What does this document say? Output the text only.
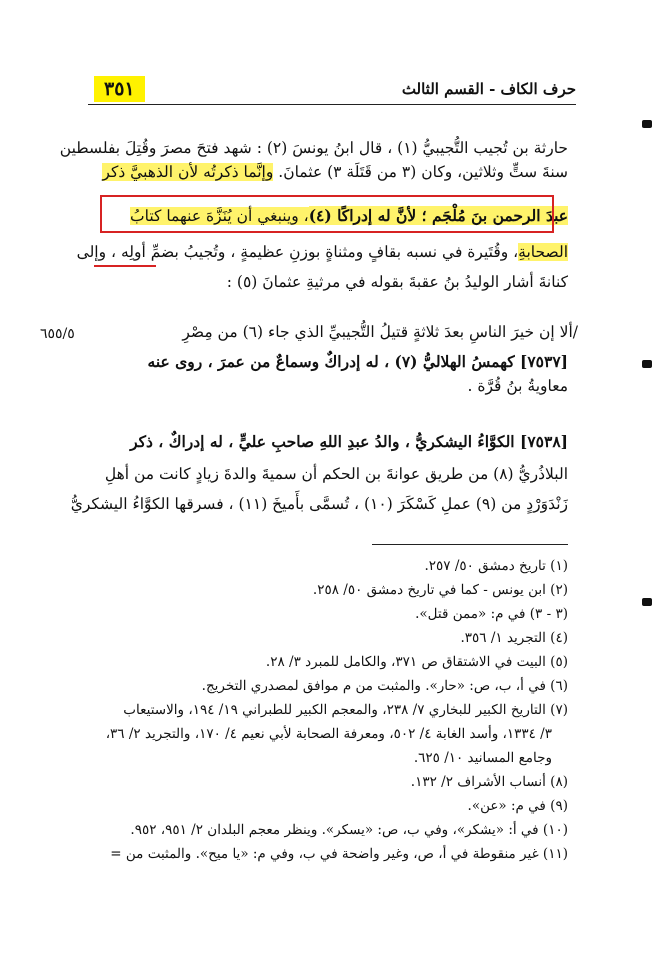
٣٥١	حرف الكاف - القسم الثالث
حارثة بن تُجيب التُّجيبيُّ (١) ، قال ابنُ يونسَ (٢) : شهد فتحَ مصرَ وقُتِلَ بفلسطين
سنةَ ستٍّ وثلاثين، وكان (٣ من قَتَلَة ٣) عثمانَ. وإنَّما ذكرتُه لأن الذهبيَّ ذكر
عبدَ الرحمن بنَ مُلْجَم ؛ لأنَّ له إدراكًا (٤)، وينبغي أن يُنَزَّهَ عنهما كتابُ
الصحابةِ، وقُتَيرة في نسبه بقافٍ ومثناةٍ بوزنِ عظيمةٍ ، وتُجيبُ بضمِّ أولِه ، وإلى
كنانةَ أشار الوليدُ بنُ عقبةَ بقوله في مرثيةِ عثمانَ (٥) :
/ألا إن خيرَ الناسِ بعدَ ثلاثةٍ قتيلُ التُّجيبيِّ الذي جاء (٦) من مِصْرِ
٦٥٥/٥
[٧٥٣٧] كهمسُ الهلاليُّ (٧) ، له إدراكٌ وسماعٌ من عمرَ ، روى عنه
معاويةُ بنُ قُرَّة .
[٧٥٣٨] الكوَّاءُ اليشكريُّ ، والدُ عبدِ اللهِ صاحبِ عليٍّ ، له إدراكٌ ، ذكر
البلاذُريُّ (٨) من طريق عوانةَ بن الحكم أن سميةَ والدةَ زيادٍ كانت من أهلِ
زَنْدَوَرْدٍ من (٩) عملِ كَسْكَرَ (١٠) ، تُسمَّى بأَميخَ (١١) ، فسرقها الكوَّاءُ اليشكريُّ
(١) تاريخ دمشق ٥٠/ ٢٥٧.
(٢) ابن يونس - كما في تاريخ دمشق ٥٠/ ٢٥٨.
(٣ - ٣) في م: «ممن قتل».
(٤) التجريد ١/ ٣٥٦.
(٥) البيت في الاشتقاق ص ٣٧١، والكامل للمبرد ٣/ ٢٨.
(٦) في أ، ب، ص: «حار». والمثبت من م موافق لمصدري التخريج.
(٧) التاريخ الكبير للبخاري ٧/ ٢٣٨، والمعجم الكبير للطبراني ١٩/ ١٩٤، والاستيعاب
٣/ ١٣٣٤، وأسد الغابة ٤/ ٥٠٢، ومعرفة الصحابة لأبي نعيم ٤/ ١٧٠، والتجريد ٢/ ٣٦،
وجامع المسانيد ١٠/ ٦٢٥.
(٨) أنساب الأشراف ٢/ ١٣٢.
(٩) في م: «عن».
(١٠) في أ: «يشكر»، وفي ب، ص: «يسكر». وينظر معجم البلدان ٢/ ٩٥١، ٩٥٢.
(١١) غير منقوطة في أ، ص، وغير واضحة في ب، وفي م: «يا ميح». والمثبت من =
